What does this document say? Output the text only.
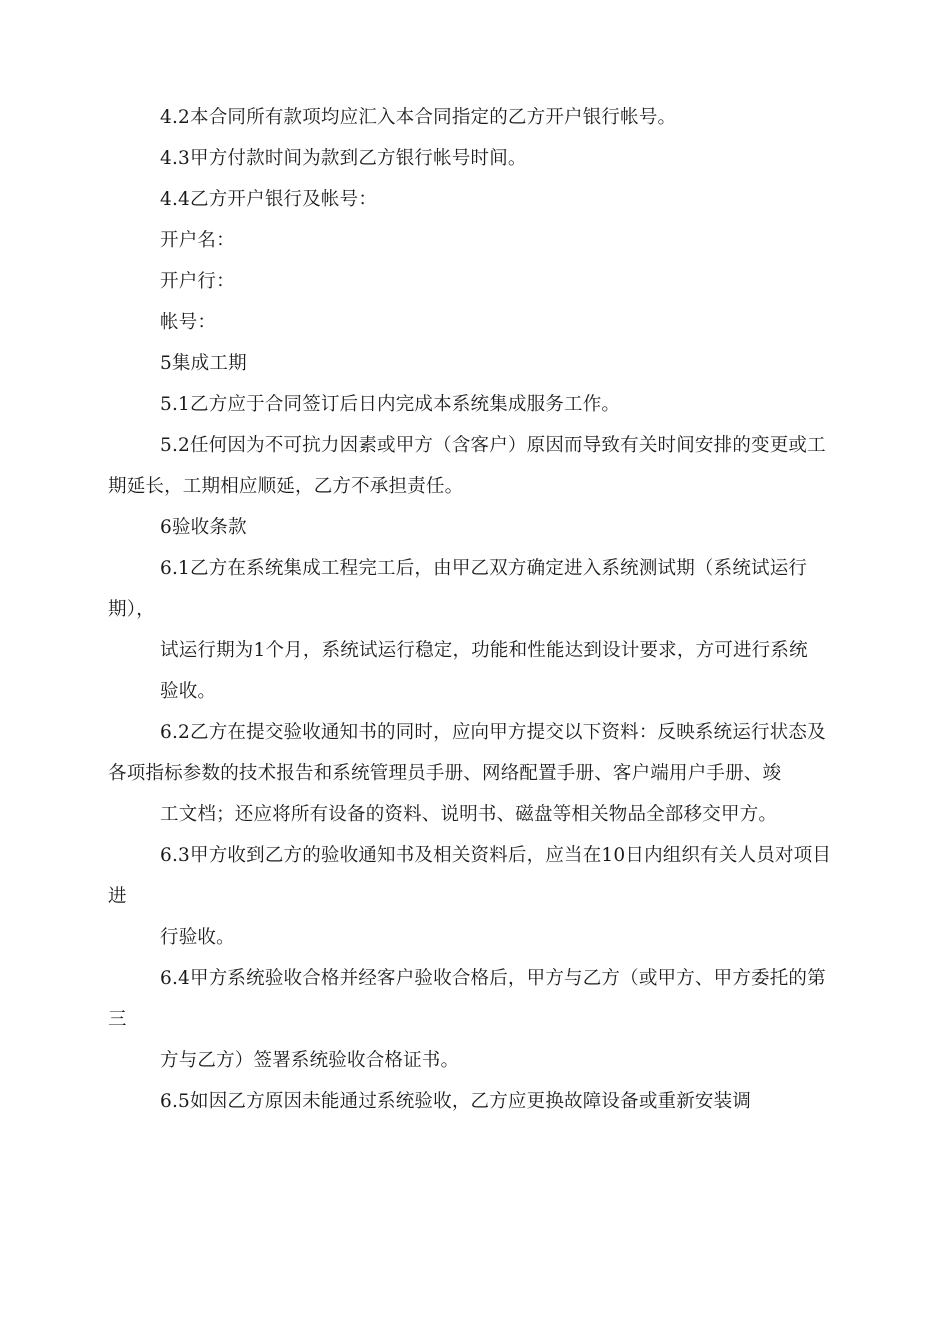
4.2本合同所有款项均应汇入本合同指定的乙方开户银行帐号。

4.3甲方付款时间为款到乙方银行帐号时间。

4.4乙方开户银行及帐号：

开户名：

开户行：

帐号：

5集成工期

5.1乙方应于合同签订后日内完成本系统集成服务工作。

5.2任何因为不可抗力因素或甲方（含客户）原因而导致有关时间安排的变更或工期延长，工期相应顺延，乙方不承担责任。

6验收条款

6.1乙方在系统集成工程完工后，由甲乙双方确定进入系统测试期（系统试运行期），

试运行期为1个月，系统试运行稳定，功能和性能达到设计要求，方可进行系统

验收。

6.2乙方在提交验收通知书的同时，应向甲方提交以下资料：反映系统运行状态及各项指标参数的技术报告和系统管理员手册、网络配置手册、客户端用户手册、竣

工文档；还应将所有设备的资料、说明书、磁盘等相关物品全部移交甲方。

6.3甲方收到乙方的验收通知书及相关资料后，应当在10日内组织有关人员对项目进

行验收。

6.4甲方系统验收合格并经客户验收合格后，甲方与乙方（或甲方、甲方委托的第三

方与乙方）签署系统验收合格证书。

6.5如因乙方原因未能通过系统验收，乙方应更换故障设备或重新安装调
